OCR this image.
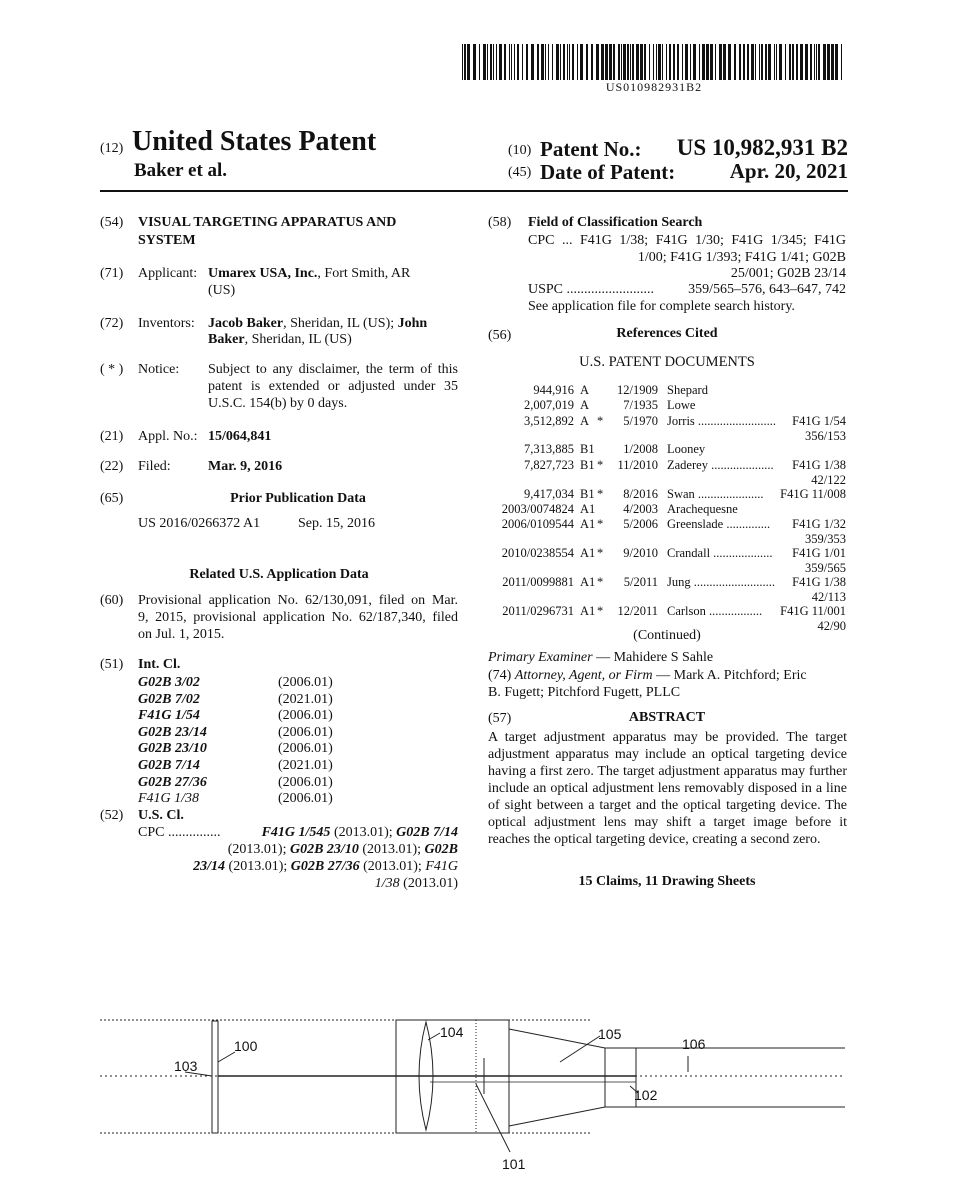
US010982931B2
(12) United States Patent
Baker et al.
(10) Patent No.:	US 10,982,931 B2
(45) Date of Patent:	Apr. 20, 2021
(54) VISUAL TARGETING APPARATUS AND
SYSTEM
(71) Applicant: Umarex USA, Inc., Fort Smith, AR
(US)
(72) Inventors: Jacob Baker, Sheridan, IL (US); John
Baker, Sheridan, IL (US)
( * ) Notice: Subject to any disclaimer, the term of this
patent is extended or adjusted under 35
U.S.C. 154(b) by 0 days.
(21) Appl. No.: 15/064,841
(22) Filed:	Mar. 9, 2016
(65)	Prior Publication Data
US 2016/0266372 A1	Sep. 15, 2016
Related U.S. Application Data
(60) Provisional application No. 62/130,091, filed on Mar.
9, 2015, provisional application No. 62/187,340, filed
on Jul. 1, 2015.
(51) Int. Cl.
G02B 3/02	(2006.01)
G02B 7/02	(2021.01)
F41G 1/54	(2006.01)
G02B 23/14	(2006.01)
G02B 23/10	(2006.01)
G02B 7/14	(2021.01)
G02B 27/36	(2006.01)
F41G 1/38	(2006.01)
(52) U.S. Cl.
CPC ...............	F41G 1/545 (2013.01); G02B 7/14
(2013.01); G02B 23/10 (2013.01); G02B
23/14 (2013.01); G02B 27/36 (2013.01); F41G
1/38 (2013.01)
(58) Field of Classification Search
CPC ... F41G 1/38; F41G 1/30; F41G 1/345; F41G
1/00; F41G 1/393; F41G 1/41; G02B
25/001; G02B 23/14
USPC ......................... 359/565–576, 643–647, 742
See application file for complete search history.
(56)	References Cited
U.S. PATENT DOCUMENTS
944,916 A	12/1909 Shepard
2,007,019 A	7/1935 Lowe
3,512,892 A *	5/1970 Jorris .........................	F41G 1/54
356/153
7,313,885 B1	1/2008 Looney
7,827,723 B1 *	11/2010 Zaderey ....................	F41G 1/38
42/122
9,417,034 B1 *	8/2016 Swan .....................	F41G 11/008
2003/0074824 A1	4/2003 Arachequesne
2006/0109544 A1 *	5/2006 Greenslade ..............	F41G 1/32
359/353
2010/0238554 A1 *	9/2010 Crandall ...................	F41G 1/01
359/565
2011/0099881 A1 *	5/2011 Jung ..........................	F41G 1/38
42/113
2011/0296731 A1 *	12/2011 Carlson .................	F41G 11/001
42/90
(Continued)
Primary Examiner — Mahidere S Sahle
(74) Attorney, Agent, or Firm — Mark A. Pitchford; Eric
B. Fugett; Pitchford Fugett, PLLC
(57)	ABSTRACT
A target adjustment apparatus may be provided. The target adjustment apparatus may include an optical targeting device having a first zero. The target adjustment apparatus may further include an optical adjustment lens removably disposed in a line of sight between a target and the optical targeting device. The optical adjustment lens may shift a target image before it reaches the optical targeting device, creating a second zero.
15 Claims, 11 Drawing Sheets
100
103
104	105
106
102
101
